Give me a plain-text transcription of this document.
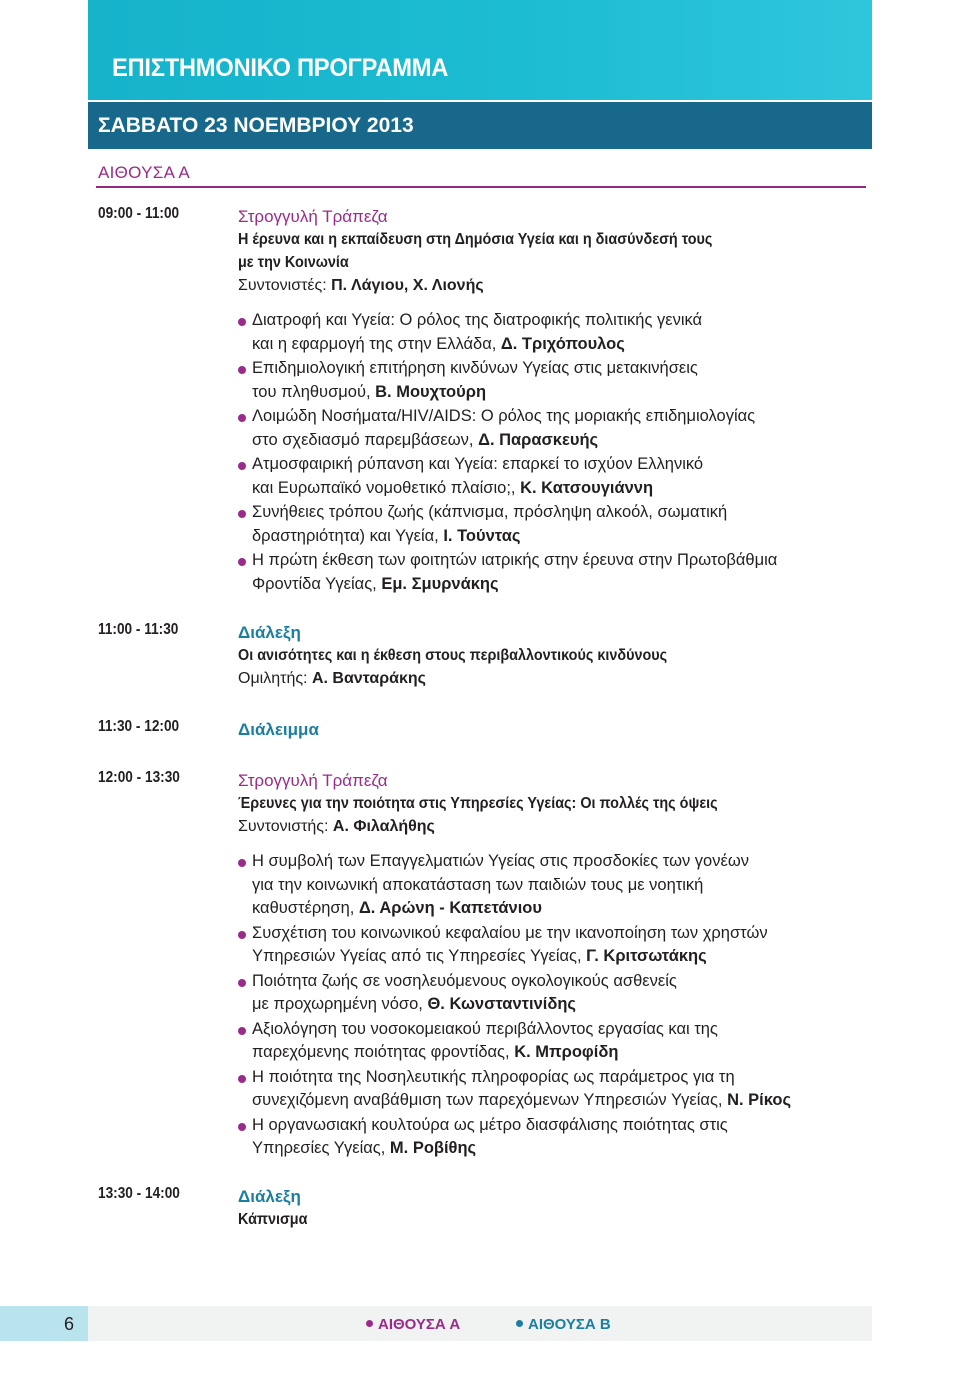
ΕΠΙΣΤΗΜΟΝΙΚΟ ΠΡΟΓΡΑΜΜΑ
ΣΑΒΒΑΤΟ 23 ΝΟΕΜΒΡΙΟΥ 2013
ΑΙΘΟΥΣΑ Α
09:00 - 11:00	Στρογγυλή Τράπεζα
Η έρευνα και η εκπαίδευση στη Δημόσια Υγεία και η διασύνδεσή τους
με την Κοινωνία
Συντονιστές: Π. Λάγιου, Χ. Λιονής
Διατροφή και Υγεία: Ο ρόλος της διατροφικής πολιτικής γενικά
και η εφαρμογή της στην Ελλάδα, Δ. Τριχόπουλος
Επιδημιολογική επιτήρηση κινδύνων Υγείας στις μετακινήσεις
του πληθυσμού, Β. Μουχτούρη
Λοιμώδη Νοσήματα/HIV/AIDS: Ο ρόλος της μοριακής επιδημιολογίας
στο σχεδιασμό παρεμβάσεων, Δ. Παρασκευής
Ατμοσφαιρική ρύπανση και Υγεία: επαρκεί το ισχύον Ελληνικό
και Ευρωπαϊκό νομοθετικό πλαίσιο;, Κ. Κατσουγιάννη
Συνήθειες τρόπου ζωής (κάπνισμα, πρόσληψη αλκοόλ, σωματική
δραστηριότητα) και Υγεία, Ι. Τούντας
Η πρώτη έκθεση των φοιτητών ιατρικής στην έρευνα στην Πρωτοβάθμια
Φροντίδα Υγείας, Εμ. Σμυρνάκης
11:00 - 11:30	Διάλεξη
Οι ανισότητες και η έκθεση στους περιβαλλοντικούς κινδύνους
Ομιλητής: Α. Βανταράκης
11:30 - 12:00	Διάλειμμα
12:00 - 13:30	Στρογγυλή Τράπεζα
Έρευνες για την ποιότητα στις Υπηρεσίες Υγείας: Οι πολλές της όψεις
Συντονιστής: Α. Φιλαλήθης
Η συμβολή των Επαγγελματιών Υγείας στις προσδοκίες των γονέων
για την κοινωνική αποκατάσταση των παιδιών τους με νοητική
καθυστέρηση, Δ. Αρώνη - Καπετάνιου
Συσχέτιση του κοινωνικού κεφαλαίου με την ικανοποίηση των χρηστών
Υπηρεσιών Υγείας από τις Υπηρεσίες Υγείας, Γ. Κριτσωτάκης
Ποιότητα ζωής σε νοσηλευόμενους ογκολογικούς ασθενείς
με προχωρημένη νόσο, Θ. Κωνσταντινίδης
Αξιολόγηση του νοσοκομειακού περιβάλλοντος εργασίας και της
παρεχόμενης ποιότητας φροντίδας, Κ. Μπροφίδη
Η ποιότητα της Νοσηλευτικής πληροφορίας ως παράμετρος για τη
συνεχιζόμενη αναβάθμιση των παρεχόμενων Υπηρεσιών Υγείας, Ν. Ρίκος
Η οργανωσιακή κουλτούρα ως μέτρο διασφάλισης ποιότητας στις
Υπηρεσίες Υγείας, Μ. Ροβίθης
13:30 - 14:00	Διάλεξη
Κάπνισμα
6	ΑΙΘΟΥΣΑ Α	ΑΙΘΟΥΣΑ Β
